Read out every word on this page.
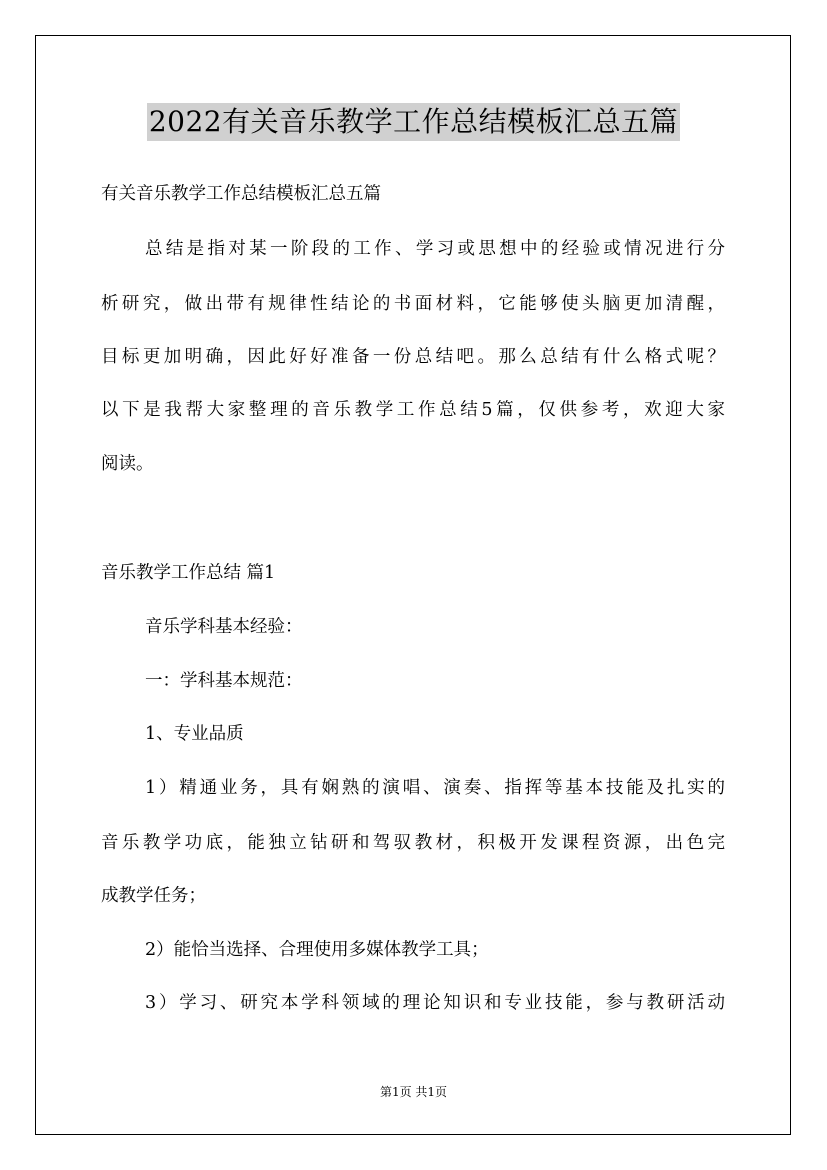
2022有关音乐教学工作总结模板汇总五篇
有关音乐教学工作总结模板汇总五篇
总结是指对某一阶段的工作、学习或思想中的经验或情况进行分
析研究，做出带有规律性结论的书面材料，它能够使头脑更加清醒，
目标更加明确，因此好好准备一份总结吧。那么总结有什么格式呢？
以下是我帮大家整理的音乐教学工作总结5篇，仅供参考，欢迎大家
阅读。
音乐教学工作总结 篇1
音乐学科基本经验：
一：学科基本规范：
1、专业品质
1）精通业务，具有娴熟的演唱、演奏、指挥等基本技能及扎实的
音乐教学功底，能独立钻研和驾驭教材，积极开发课程资源，出色完
成教学任务；
2）能恰当选择、合理使用多媒体教学工具；
3）学习、研究本学科领域的理论知识和专业技能，参与教研活动
第1页 共1页
